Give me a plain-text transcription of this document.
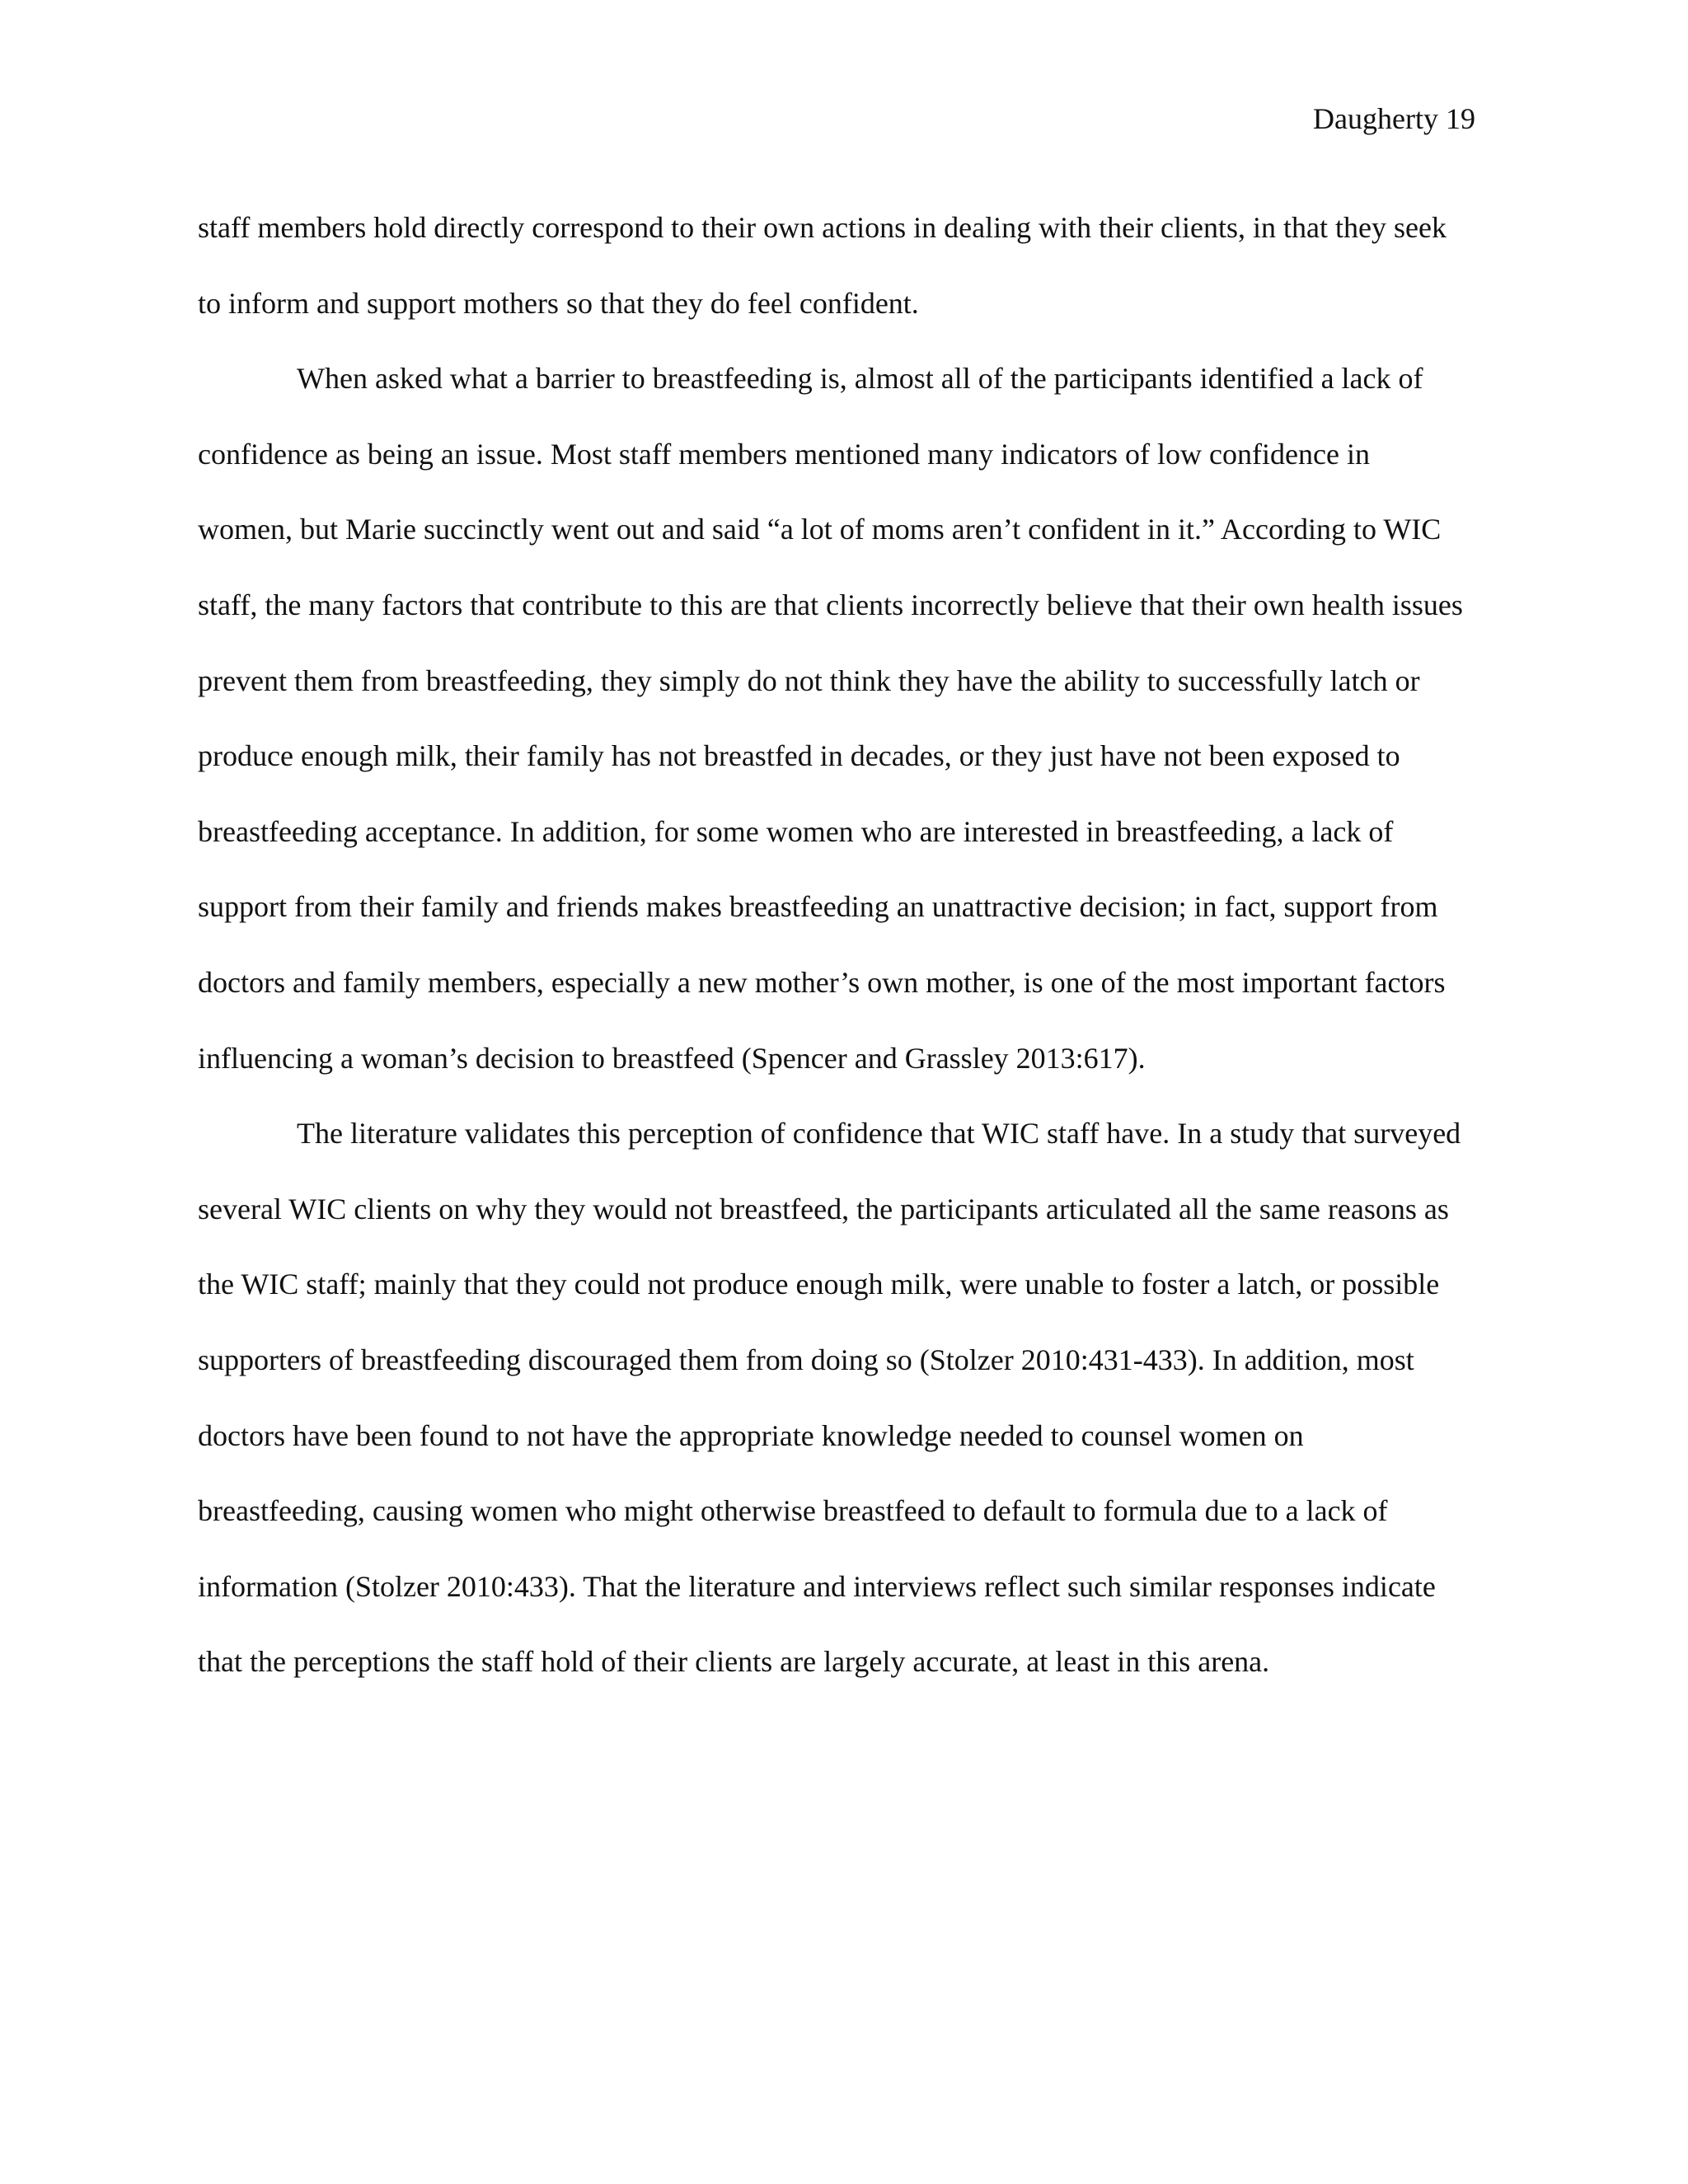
Daugherty 19

staff members hold directly correspond to their own actions in dealing with their clients, in that they seek to inform and support mothers so that they do feel confident.

When asked what a barrier to breastfeeding is, almost all of the participants identified a lack of confidence as being an issue. Most staff members mentioned many indicators of low confidence in women, but Marie succinctly went out and said “a lot of moms aren’t confident in it.” According to WIC staff, the many factors that contribute to this are that clients incorrectly believe that their own health issues prevent them from breastfeeding, they simply do not think they have the ability to successfully latch or produce enough milk, their family has not breastfed in decades, or they just have not been exposed to breastfeeding acceptance. In addition, for some women who are interested in breastfeeding, a lack of support from their family and friends makes breastfeeding an unattractive decision; in fact, support from doctors and family members, especially a new mother’s own mother, is one of the most important factors influencing a woman’s decision to breastfeed (Spencer and Grassley 2013:617).

The literature validates this perception of confidence that WIC staff have. In a study that surveyed several WIC clients on why they would not breastfeed, the participants articulated all the same reasons as the WIC staff; mainly that they could not produce enough milk, were unable to foster a latch, or possible supporters of breastfeeding discouraged them from doing so (Stolzer 2010:431-433). In addition, most doctors have been found to not have the appropriate knowledge needed to counsel women on breastfeeding, causing women who might otherwise breastfeed to default to formula due to a lack of information (Stolzer 2010:433). That the literature and interviews reflect such similar responses indicate that the perceptions the staff hold of their clients are largely accurate, at least in this arena.
